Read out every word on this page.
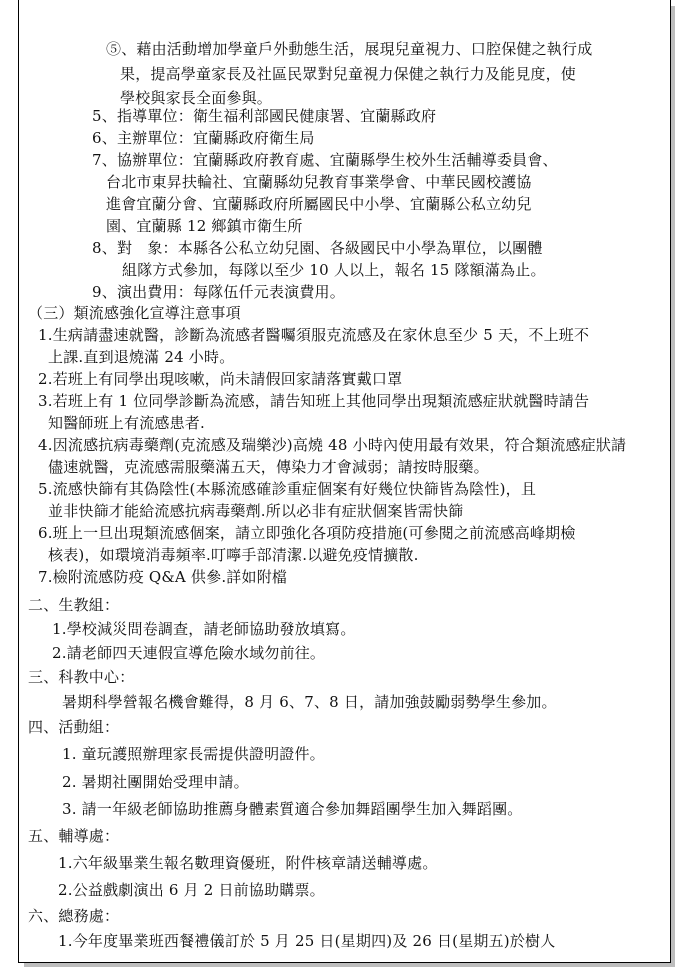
⑤、藉由活動增加學童戶外動態生活，展現兒童視力、口腔保健之執行成
果，提高學童家長及社區民眾對兒童視力保健之執行力及能見度，使
學校與家長全面參與。
5、指導單位：衛生福利部國民健康署、宜蘭縣政府
6、主辦單位：宜蘭縣政府衛生局
7、協辦單位：宜蘭縣政府教育處、宜蘭縣學生校外生活輔導委員會、
台北市東昇扶輪社、宜蘭縣幼兒教育事業學會、中華民國校護協
進會宜蘭分會、宜蘭縣政府所屬國民中小學、宜蘭縣公私立幼兒
園、宜蘭縣 12 鄉鎮市衛生所
8、對　象：本縣各公私立幼兒園、各級國民中小學為單位，以團體
組隊方式參加，每隊以至少 10 人以上，報名 15 隊額滿為止。
9、演出費用：每隊伍仟元表演費用。
（三）類流感強化宣導注意事項
1.生病請盡速就醫，診斷為流感者醫囑須服克流感及在家休息至少 5 天，不上班不
上課.直到退燒滿 24 小時。
2.若班上有同學出現咳嗽，尚未請假回家請落實戴口罩
3.若班上有 1 位同學診斷為流感，請告知班上其他同學出現類流感症狀就醫時請告
知醫師班上有流感患者.
4.因流感抗病毒藥劑(克流感及瑞樂沙)高燒 48 小時內使用最有效果，符合類流感症狀請
儘速就醫，克流感需服藥滿五天，傳染力才會減弱；請按時服藥。
5.流感快篩有其偽陰性(本縣流感確診重症個案有好幾位快篩皆為陰性)，且
並非快篩才能給流感抗病毒藥劑.所以必非有症狀個案皆需快篩
6.班上一旦出現類流感個案，請立即強化各項防疫措施(可參閱之前流感高峰期檢
核表)，如環境消毒頻率.叮嚀手部清潔.以避免疫情擴散.
7.檢附流感防疫 Q&A 供參.詳如附檔
二、生教組：
1.學校減災問卷調查，請老師協助發放填寫。
2.請老師四天連假宣導危險水域勿前往。
三、科教中心：
暑期科學營報名機會難得，8 月 6、7、8 日，請加強鼓勵弱勢學生參加。
四、活動組：
1. 童玩護照辦理家長需提供證明證件。
2. 暑期社團開始受理申請。
3. 請一年級老師協助推薦身體素質適合參加舞蹈團學生加入舞蹈團。
五、輔導處：
1.六年級畢業生報名數理資優班，附件核章請送輔導處。
2.公益戲劇演出 6 月 2 日前協助購票。
六、總務處：
1.今年度畢業班西餐禮儀訂於 5 月 25 日(星期四)及 26 日(星期五)於樹人
